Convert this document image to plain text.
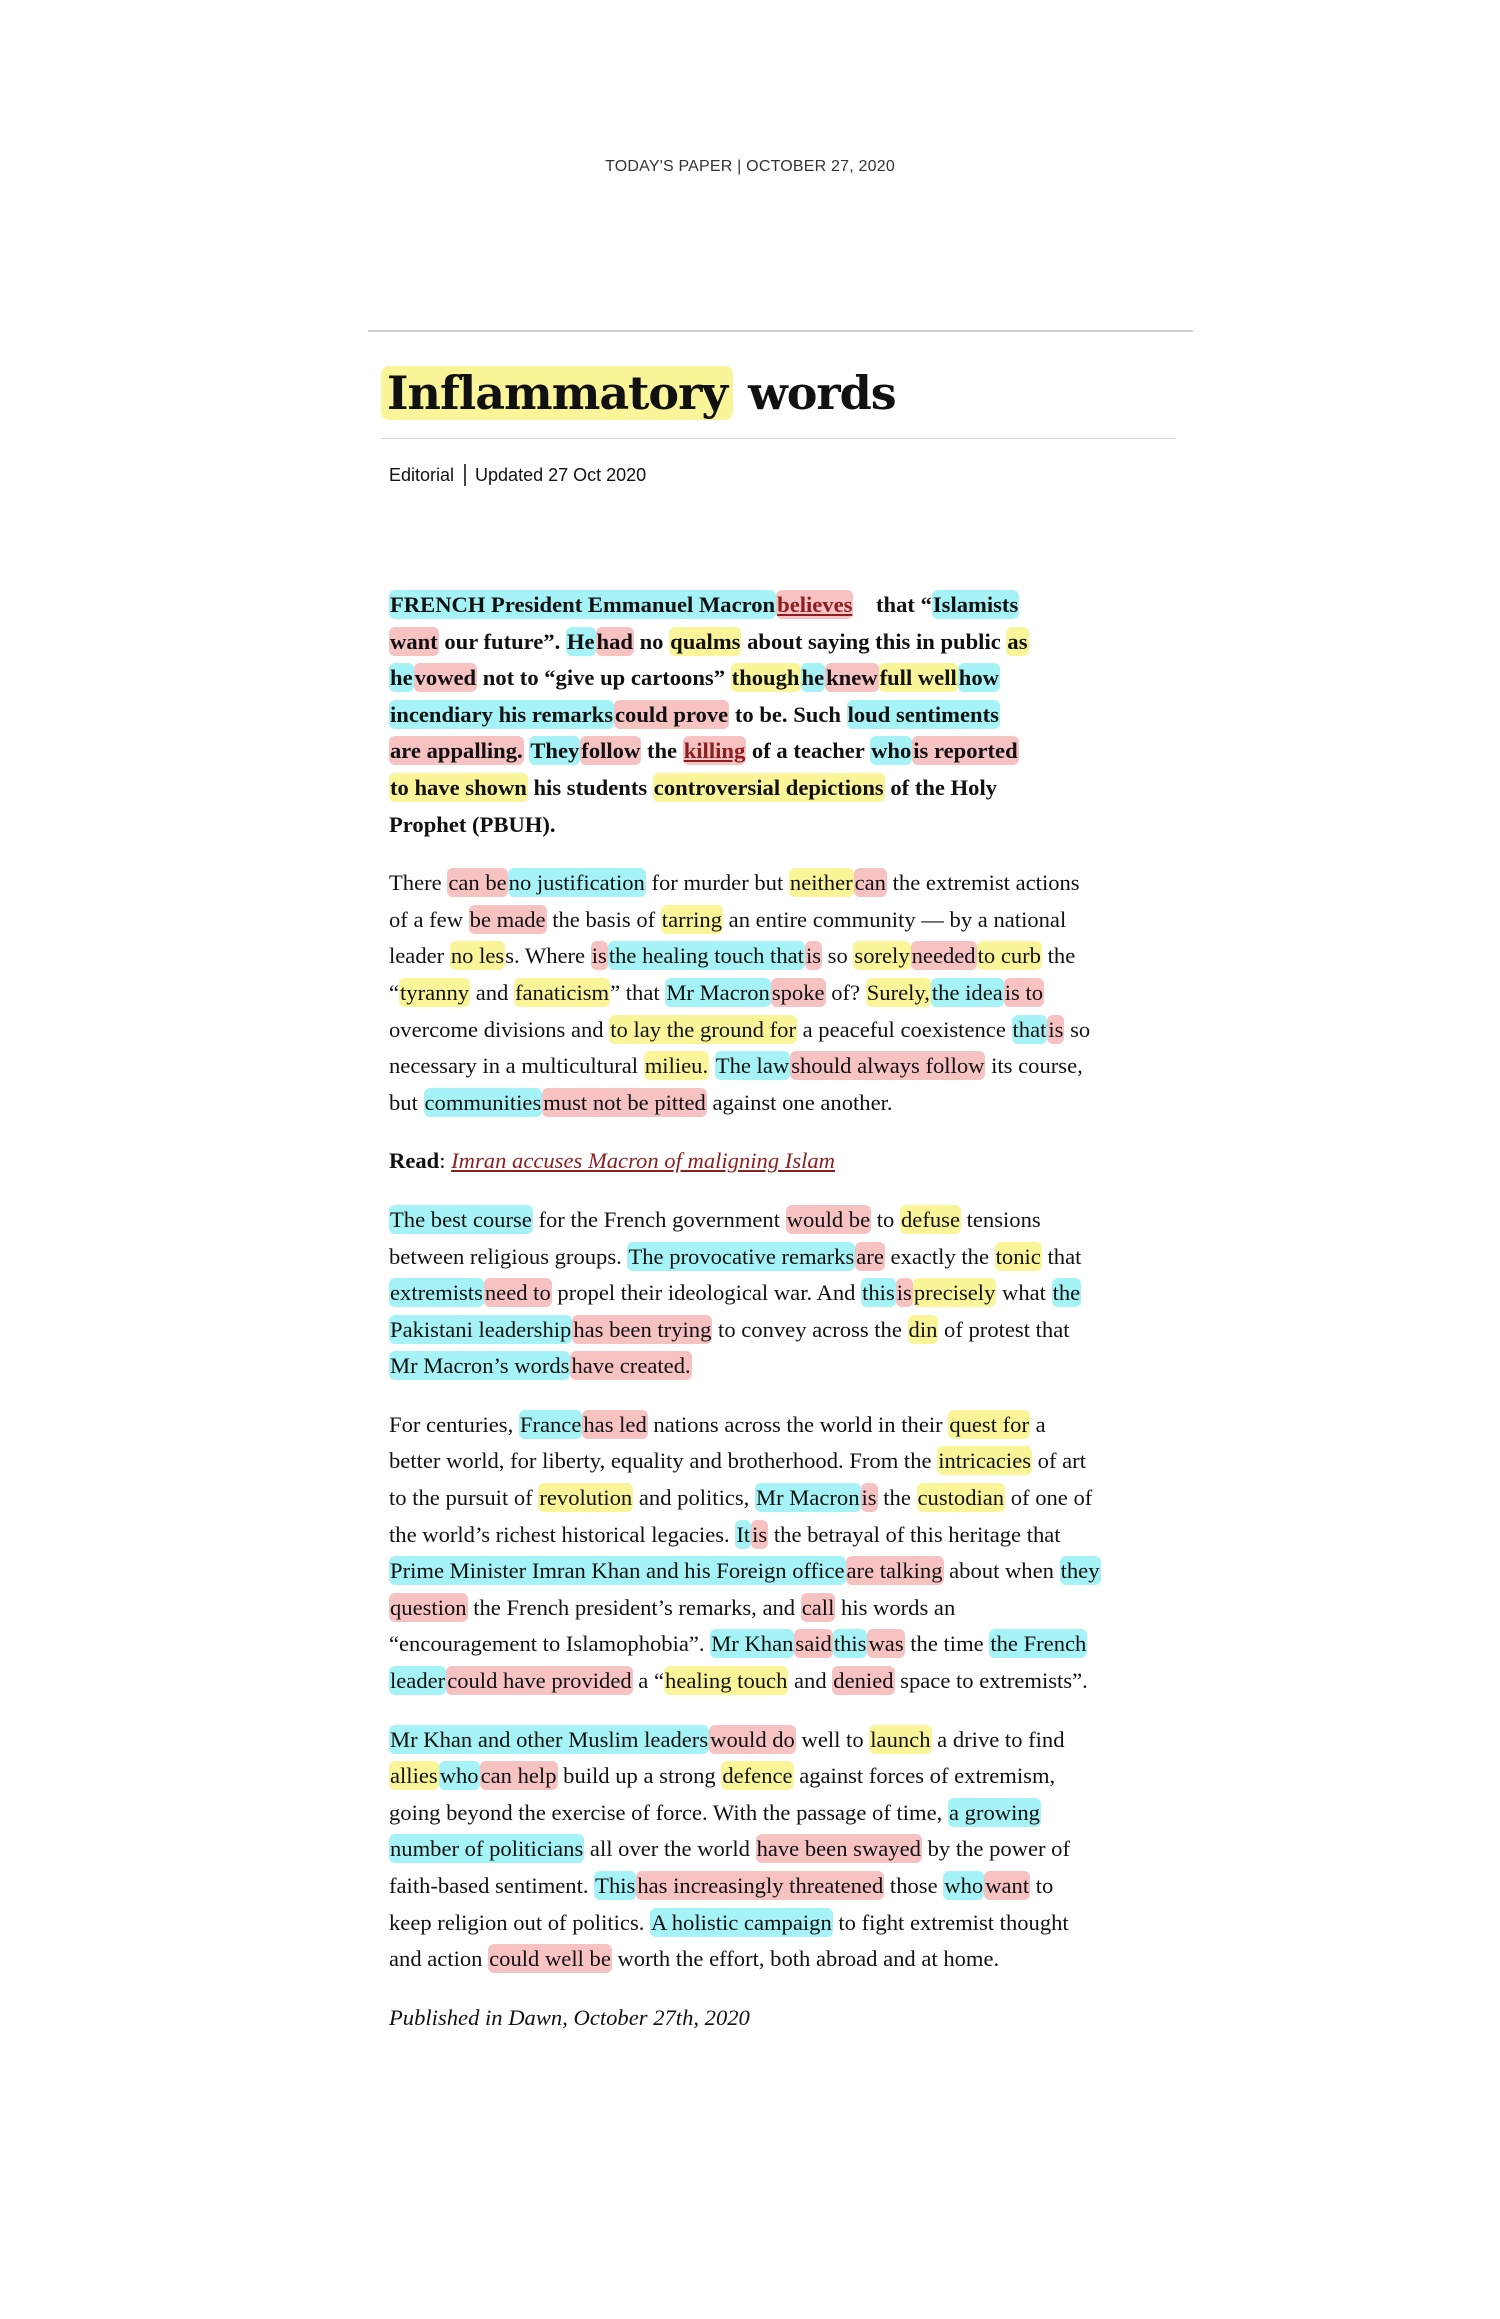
TODAY'S PAPER | OCTOBER 27, 2020
Inflammatory words
Editorial Updated 27 Oct 2020

FRENCH President Emmanuel Macronbelieves    that “Islamists
want our future”. Hehad no qualms about saying this in public as
hevowed not to “give up cartoons” thoughheknewfull wellhow
incendiary his remarkscould prove to be. Such loud sentiments
are appalling. Theyfollow the killing of a teacher whois reported
to have shown his students controversial depictions of the Holy
Prophet (PBUH).

There can beno justification for murder but neithercan the extremist actions
of a few be made the basis of tarring an entire community — by a national
leader no less. Where isthe healing touch thatis so sorelyneededto curb the
“tyranny and fanaticism” that Mr Macronspoke of? Surely,the ideais to
overcome divisions and to lay the ground for a peaceful coexistence thatis so
necessary in a multicultural milieu. The lawshould always follow its course,
but communitiesmust not be pitted against one another.

Read: Imran accuses Macron of maligning Islam

The best course for the French government would be to defuse tensions
between religious groups. The provocative remarksare exactly the tonic that
extremistsneed to propel their ideological war. And thisisprecisely what the
Pakistani leadershiphas been trying to convey across the din of protest that
Mr Macron’s wordshave created.

For centuries, Francehas led nations across the world in their quest for a
better world, for liberty, equality and brotherhood. From the intricacies of art
to the pursuit of revolution and politics, Mr Macronis the custodian of one of
the world’s richest historical legacies. Itis the betrayal of this heritage that
Prime Minister Imran Khan and his Foreign officeare talking about when they
question the French president’s remarks, and call his words an
“encouragement to Islamophobia”. Mr Khansaidthiswas the time the French
leadercould have provided a “healing touch and denied space to extremists”.

Mr Khan and other Muslim leaderswould do well to launch a drive to find
allieswhocan help build up a strong defence against forces of extremism,
going beyond the exercise of force. With the passage of time, a growing
number of politicians all over the world have been swayed by the power of
faith-based sentiment. Thishas increasingly threatened those whowant to
keep religion out of politics. A holistic campaign to fight extremist thought
and action could well be worth the effort, both abroad and at home.

Published in Dawn, October 27th, 2020
